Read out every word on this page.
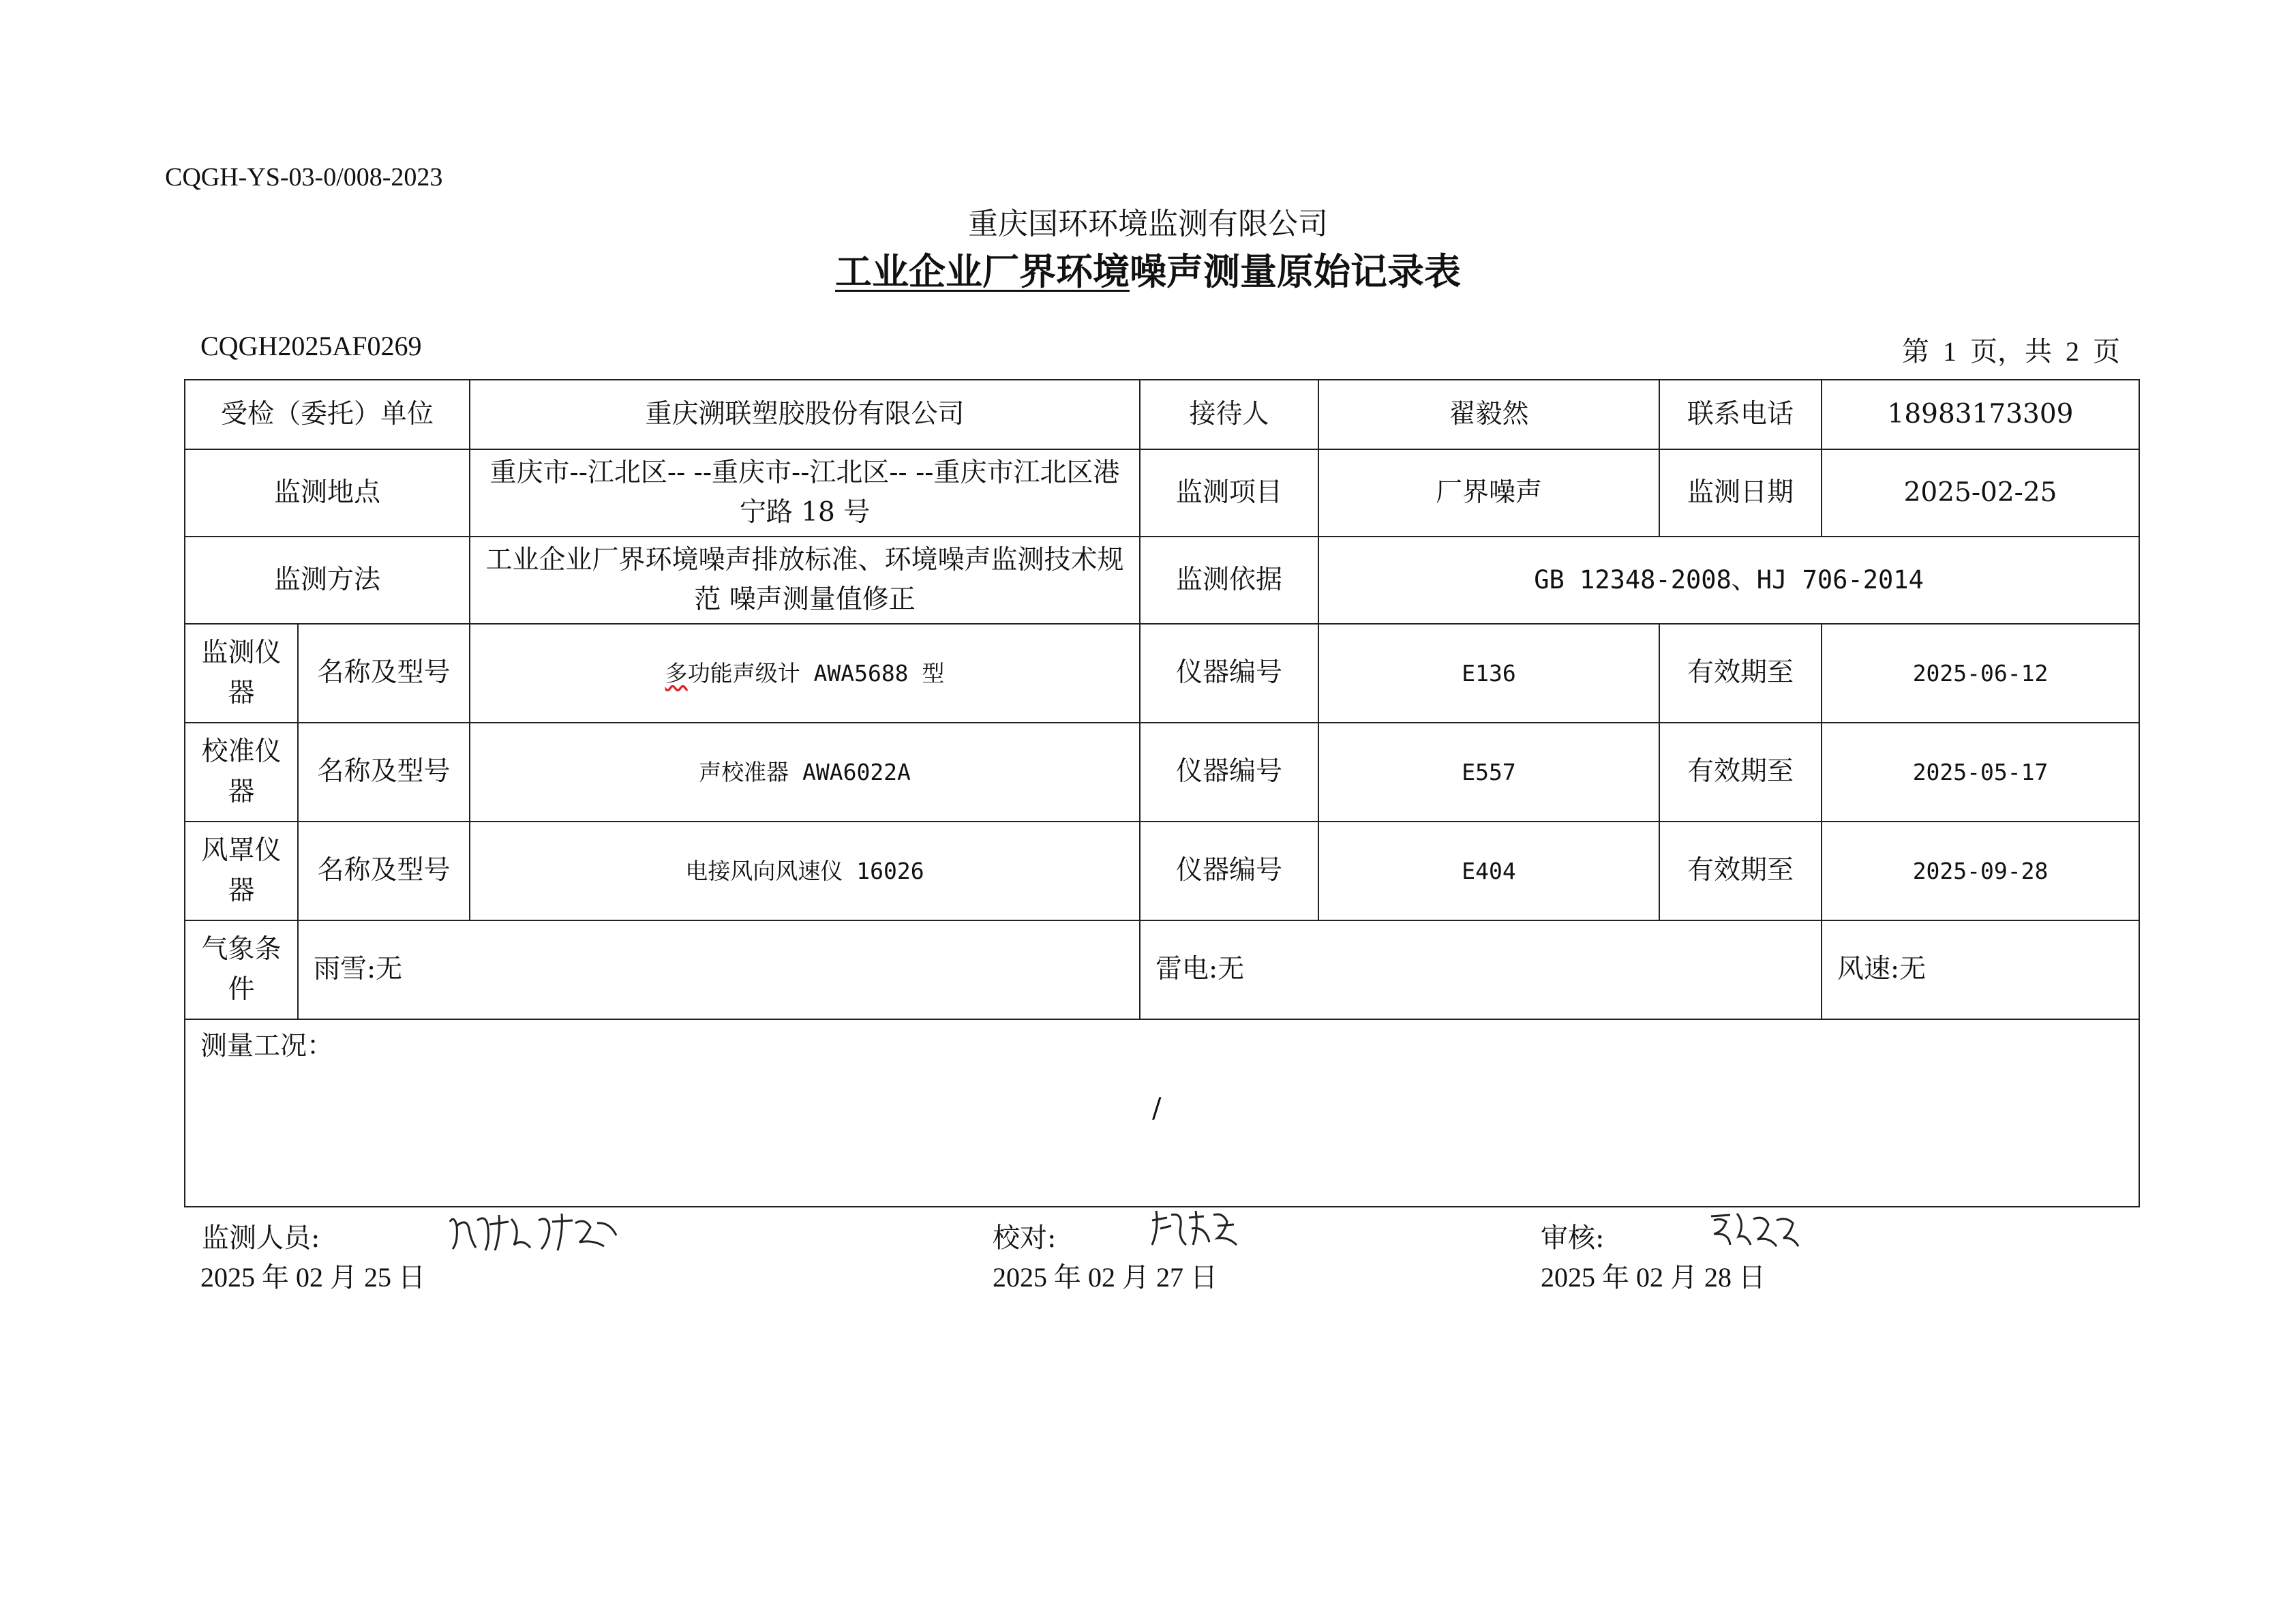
CQGH-YS-03-0/008-2023
重庆国环环境监测有限公司
工业企业厂界环境噪声测量原始记录表
CQGH2025AF0269	第 1 页，共 2 页
受检（委托）单位		重庆溯联塑胶股份有限公司	接待人	翟毅然	联系电话	18983173309
监测地点		重庆市--江北区-- --重庆市--江北区-- --重庆市江北区港宁路 18 号	监测项目	厂界噪声	监测日期	2025-02-25
监测方法		工业企业厂界环境噪声排放标准、环境噪声监测技术规范 噪声测量值修正	监测依据	GB 12348-2008、HJ 706-2014		
监测仪器	名称及型号	多功能声级计 AWA5688 型	仪器编号	E136	有效期至	2025-06-12
校准仪器	名称及型号	声校准器 AWA6022A	仪器编号	E557	有效期至	2025-05-17
风罩仪器	名称及型号	电接风向风速仪 16026	仪器编号	E404	有效期至	2025-09-28
气象条件	雨雪:无		雷电:无			风速:无
测量工况：
/						
监测人员:
2025 年 02 月 25 日
校对:
2025 年 02 月 27 日
审核:
2025 年 02 月 28 日
